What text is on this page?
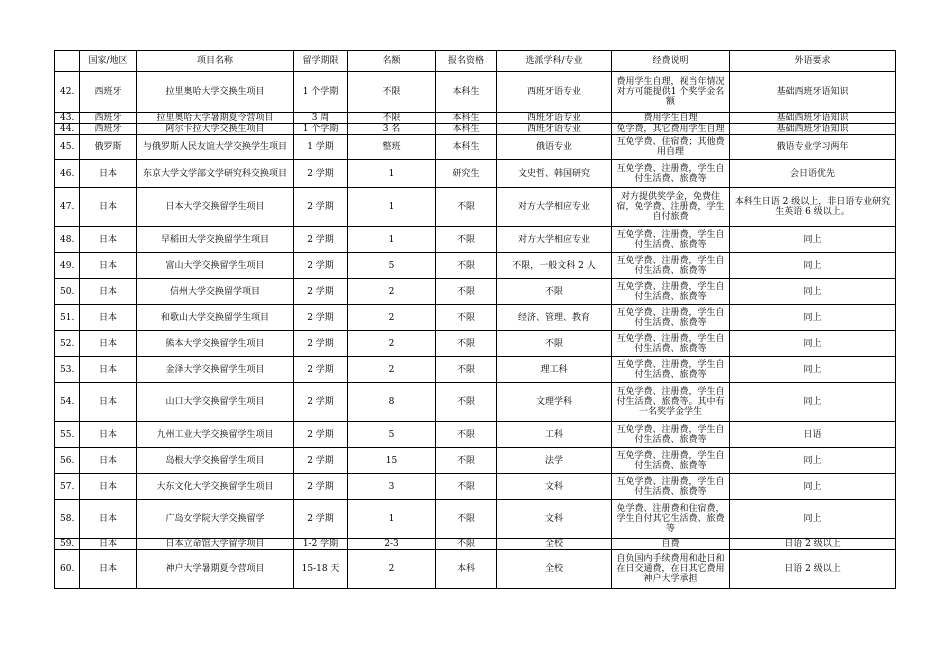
	国家/地区	项目名称	留学期限	名额	报名资格	选派学科/专业	经费说明	外语要求
42.	西班牙	拉里奥哈大学交换生项目	1 个学期	不限	本科生	西班牙语专业	费用学生自理，视当年情况对方可能提供1 个奖学金名额	基础西班牙语知识
43.	西班牙	拉里奥哈大学暑期夏令营项目	3 周	不限	本科生	西班牙语专业	费用学生自理	基础西班牙语知识
44.	西班牙	阿尔卡拉大学交换生项目	1 个学期	3 名	本科生	西班牙语专业	免学费，其它费用学生自理	基础西班牙语知识
45.	俄罗斯	与俄罗斯人民友谊大学交换学生项目	1 学期	整班	本科生	俄语专业	互免学费、住宿费；其他费用自理	俄语专业学习两年
46.	日本	东京大学文学部文学研究科交换项目	2 学期	1	研究生	文史哲、韩国研究	互免学费、注册费，学生自付生活费、旅费等	会日语优先
47.	日本	日本大学交换留学生项目	2 学期	1	不限	对方大学相应专业	对方提供奖学金，免费住宿，免学费、注册费，学生自付旅费	本科生日语 2 级以上，非日语专业研究生英语 6 级以上。
48.	日本	早稻田大学交换留学生项目	2 学期	1	不限	对方大学相应专业	互免学费、注册费，学生自付生活费、旅费等	同上
49.	日本	富山大学交换留学生项目	2 学期	5	不限	不限，一般文科 2 人	互免学费、注册费，学生自付生活费、旅费等	同上
50.	日本	信州大学交换留学项目	2 学期	2	不限	不限	互免学费、注册费，学生自付生活费、旅费等	同上
51.	日本	和歌山大学交换留学生项目	2 学期	2	不限	经济、管理、教育	互免学费、注册费，学生自付生活费、旅费等	同上
52.	日本	熊本大学交换留学生项目	2 学期	2	不限	不限	互免学费、注册费，学生自付生活费、旅费等	同上
53.	日本	金泽大学交换留学生项目	2 学期	2	不限	理工科	互免学费、注册费，学生自付生活费、旅费等	同上
54.	日本	山口大学交换留学生项目	2 学期	8	不限	文理学科	互免学费、注册费，学生自付生活费、旅费等。其中有一名奖学金学生	同上
55.	日本	九州工业大学交换留学生项目	2 学期	5	不限	工科	互免学费、注册费，学生自付生活费、旅费等	日语
56.	日本	岛根大学交换留学生项目	2 学期	15	不限	法学	互免学费、注册费，学生自付生活费、旅费等	同上
57.	日本	大东文化大学交换留学生项目	2 学期	3	不限	文科	互免学费、注册费，学生自付生活费、旅费等	同上
58.	日本	广岛女学院大学交换留学	2 学期	1	不限	文科	免学费、注册费和住宿费，学生自付其它生活费、旅费等	同上
59.	日本	日本立命馆大学留学项目	1-2 学期	2-3	不限	全校	自费	日语 2 级以上
60.	日本	神户大学暑期夏令营项目	15-18 天	2	本科	全校	自负国内手续费用和赴日和在日交通费，在日其它费用神户大学承担	日语 2 级以上
